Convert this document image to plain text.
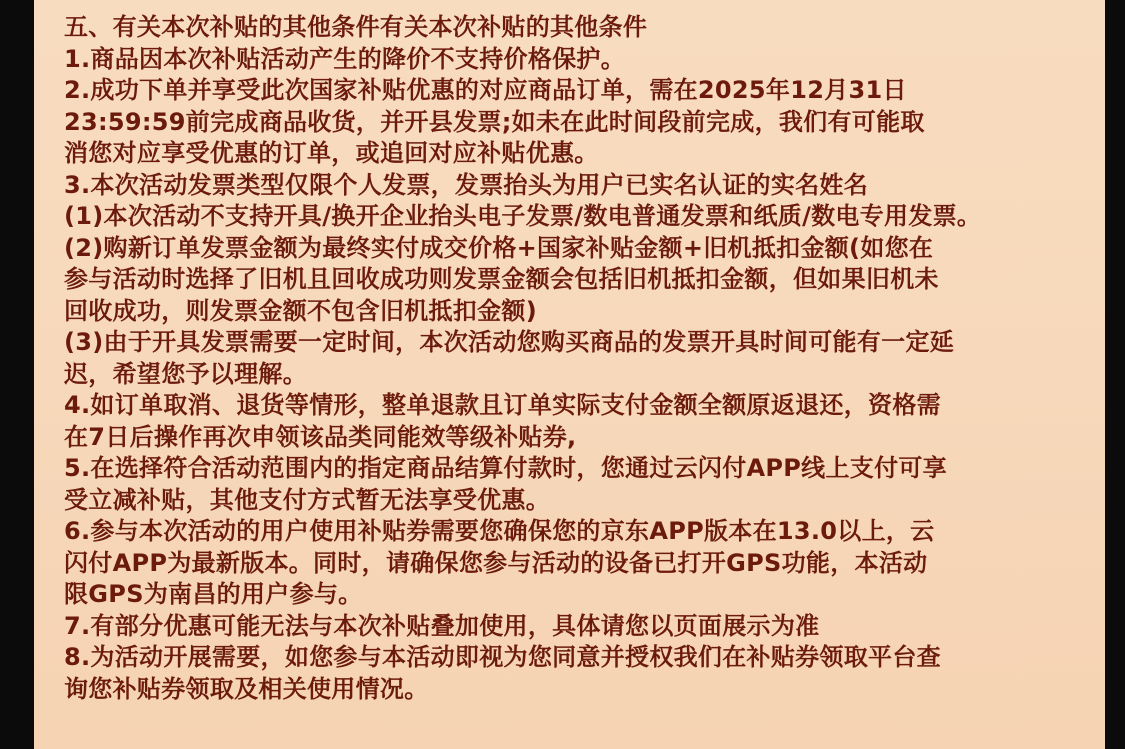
五、有关本次补贴的其他条件有关本次补贴的其他条件

1.商品因本次补贴活动产生的降价不支持价格保护。

2.成功下单并享受此次国家补贴优惠的对应商品订单，需在2025年12月31日

23:59:59前完成商品收货，并开县发票;如未在此时间段前完成，我们有可能取

消您对应享受优惠的订单，或追回对应补贴优惠。

3.本次活动发票类型仅限个人发票，发票抬头为用户已实名认证的实名姓名

(1)本次活动不支持开具/换开企业抬头电子发票/数电普通发票和纸质/数电专用发票。

(2)购新订单发票金额为最终实付成交价格+国家补贴金额+旧机抵扣金额(如您在

参与活动时选择了旧机且回收成功则发票金额会包括旧机抵扣金额，但如果旧机未

回收成功，则发票金额不包含旧机抵扣金额)

(3)由于开具发票需要一定时间，本次活动您购买商品的发票开具时间可能有一定延

迟，希望您予以理解。

4.如订单取消、退货等情形，整单退款且订单实际支付金额全额原返退还，资格需

在7日后操作再次申领该品类同能效等级补贴券,

5.在选择符合活动范围内的指定商品结算付款时，您通过云闪付APP线上支付可享

受立减补贴，其他支付方式暂无法享受优惠。

6.参与本次活动的用户使用补贴券需要您确保您的京东APP版本在13.0以上，云

闪付APP为最新版本。同时，请确保您参与活动的设备已打开GPS功能，本活动

限GPS为南昌的用户参与。

7.有部分优惠可能无法与本次补贴叠加使用，具体请您以页面展示为准

8.为活动开展需要，如您参与本活动即视为您同意并授权我们在补贴券领取平台查

询您补贴券领取及相关使用情况。
